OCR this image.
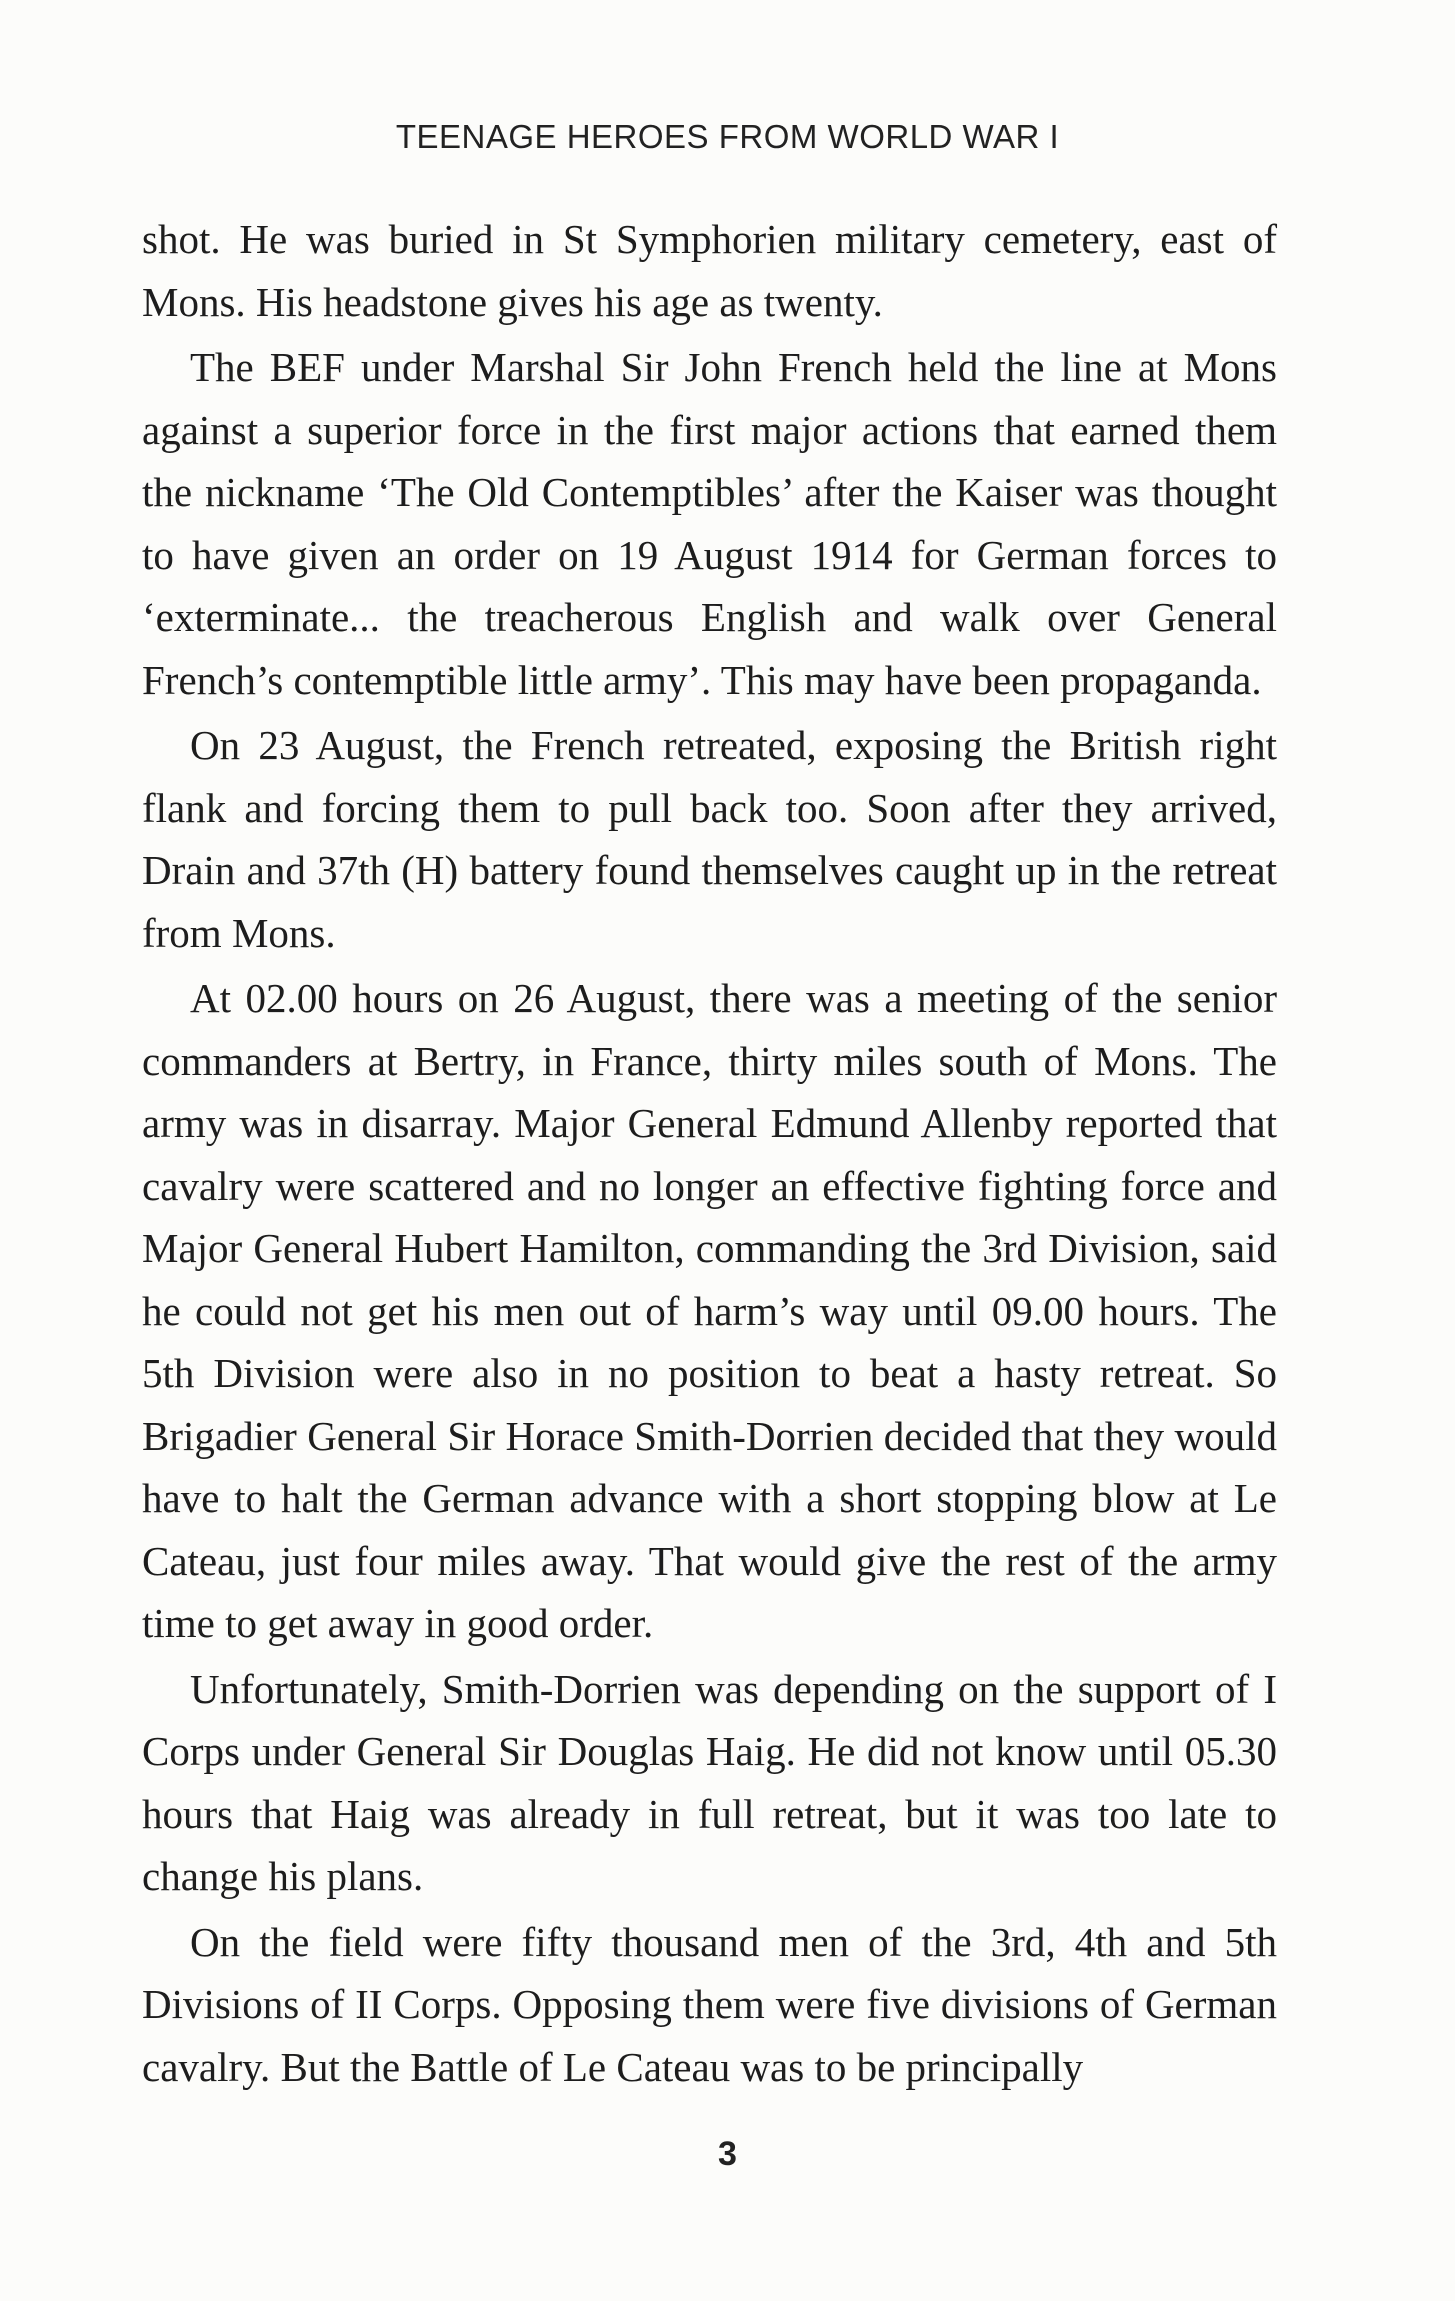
TEENAGE HEROES FROM WORLD WAR I

shot. He was buried in St Symphorien military cemetery, east of Mons. His headstone gives his age as twenty.

The BEF under Marshal Sir John French held the line at Mons against a superior force in the first major actions that earned them the nickname ‘The Old Contemptibles’ after the Kaiser was thought to have given an order on 19 August 1914 for German forces to ‘exterminate... the treacherous English and walk over General French’s contemptible little army’. This may have been propaganda.

On 23 August, the French retreated, exposing the British right flank and forcing them to pull back too. Soon after they arrived, Drain and 37th (H) battery found themselves caught up in the retreat from Mons.

At 02.00 hours on 26 August, there was a meeting of the senior commanders at Bertry, in France, thirty miles south of Mons. The army was in disarray. Major General Edmund Allenby reported that cavalry were scattered and no longer an effective fighting force and Major General Hubert Hamilton, commanding the 3rd Division, said he could not get his men out of harm’s way until 09.00 hours. The 5th Division were also in no position to beat a hasty retreat. So Brigadier General Sir Horace Smith-Dorrien decided that they would have to halt the German advance with a short stopping blow at Le Cateau, just four miles away. That would give the rest of the army time to get away in good order.

Unfortunately, Smith-Dorrien was depending on the support of I Corps under General Sir Douglas Haig. He did not know until 05.30 hours that Haig was already in full retreat, but it was too late to change his plans.

On the field were fifty thousand men of the 3rd, 4th and 5th Divisions of II Corps. Opposing them were five divisions of German cavalry. But the Battle of Le Cateau was to be principally

3
